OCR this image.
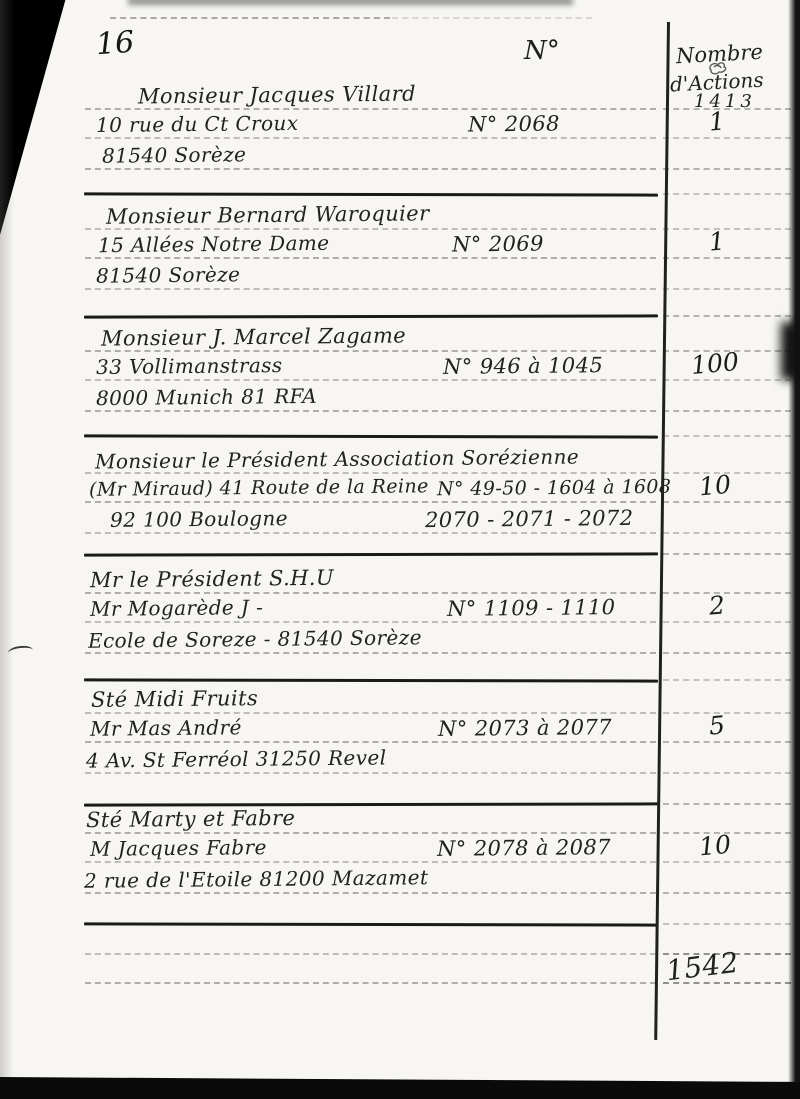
16	N°	Nombre
d'Actions
1413
Monsieur Jacques Villard
10 rue du Ct Croux	N° 2068
81540 Sorèze
1
Monsieur Bernard Waroquier
15 Allées Notre Dame	N° 2069
81540 Sorèze
1
Monsieur J. Marcel Zagame
33 Vollimanstrass	N° 946 à 1045
8000 Munich 81 RFA
100
Monsieur le Président Association Sorézienne
(Mr Miraud) 41 Route de la Reine N° 49-50 - 1604 à 1608
92 100 Boulogne	2070 - 2071 - 2072
10
Mr le Président S.H.U
Mr Mogarède J -	N° 1109 - 1110
Ecole de Soreze - 81540 Sorèze
2
Sté Midi Fruits
Mr Mas André	N° 2073 à 2077
4 Av. St Ferréol 31250 Revel
5
Sté Marty et Fabre
M Jacques Fabre	N° 2078 à 2087
2 rue de l'Etoile 81200 Mazamet
10
1542
